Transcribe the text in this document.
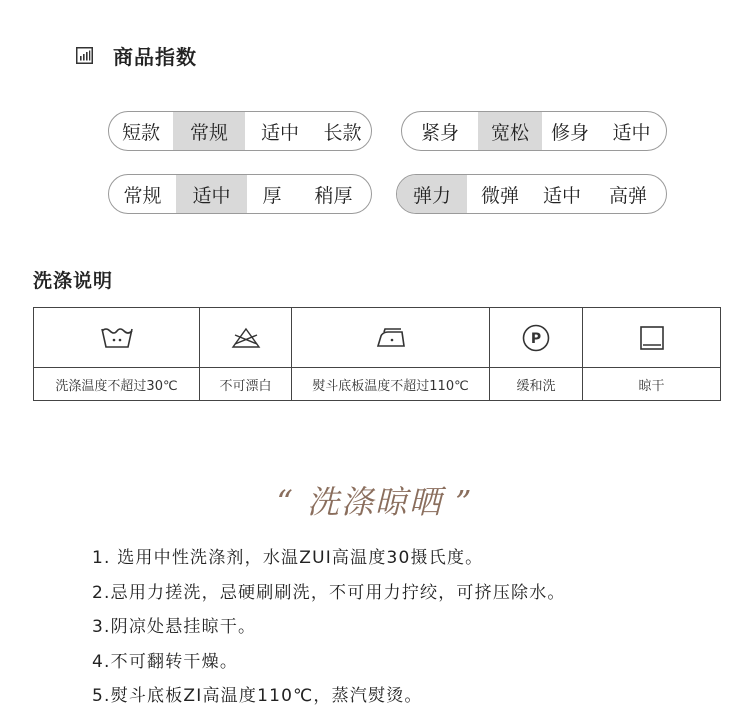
商品指数
短款	常规	适中	长款	紧身	宽松	修身	适中
常规	适中	厚	稍厚	弹力	微弹	适中	高弹
洗涤说明
P
洗涤温度不超过30℃	不可漂白	熨斗底板温度不超过110℃	缓和洗	晾干
“ 洗涤晾晒 ”
1. 选用中性洗涤剂，水温ZUI高温度30摄氏度。
2.忌用力搓洗，忌硬刷刷洗，不可用力拧绞，可挤压除水。
3.阴凉处悬挂晾干。
4.不可翻转干燥。
5.熨斗底板ZI高温度110℃，蒸汽熨烫。
